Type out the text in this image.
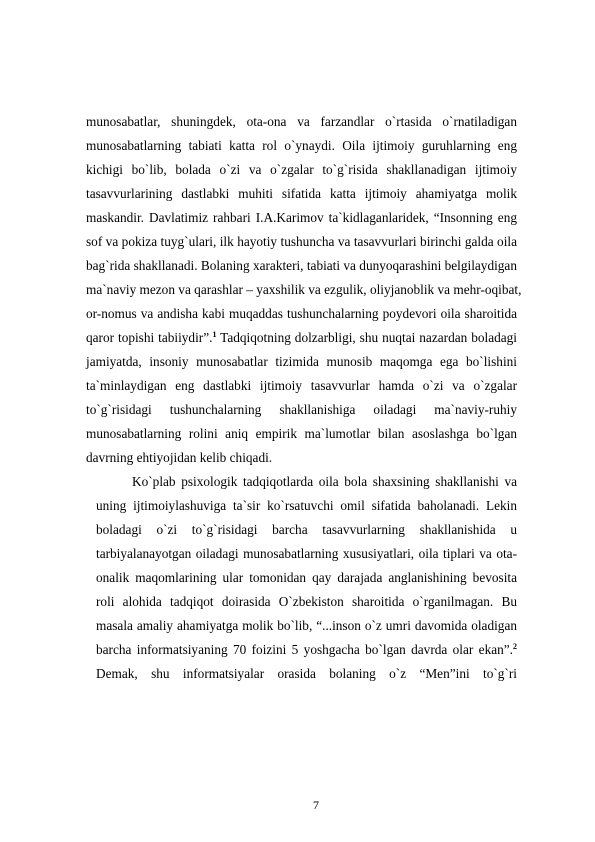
munosabatlar, shuningdek, ota-ona va farzandlar o`rtasida o`rnatiladigan
munosabatlarning tabiati katta rol o`ynaydi. Oila ijtimoiy guruhlarning eng
kichigi bo`lib, bolada o`zi va o`zgalar to`g`risida shakllanadigan ijtimoiy
tasavvurlarining dastlabki muhiti sifatida katta ijtimoiy ahamiyatga molik
maskandir. Davlatimiz rahbari I.A.Karimov ta`kidlaganlaridek, “Insonning eng
sof va pokiza tuyg`ulari, ilk hayotiy tushuncha va tasavvurlari birinchi galda oila
bag`rida shakllanadi. Bolaning xarakteri, tabiati va dunyoqarashini belgilaydigan
ma`naviy mezon va qarashlar – yaxshilik va ezgulik, oliyjanoblik va mehr-oqibat,
or-nomus va andisha kabi muqaddas tushunchalarning poydevori oila sharoitida
qaror topishi tabiiydir”.$^1$ Tadqiqotning dolzarbligi, shu nuqtai nazardan boladagi
jamiyatda, insoniy munosabatlar tizimida munosib maqomga ega bo`lishini
ta`minlaydigan eng dastlabki ijtimoiy tasavvurlar hamda o`zi va o`zgalar
to`g`risidagi tushunchalarning shakllanishiga oiladagi ma`naviy-ruhiy
munosabatlarning rolini aniq empirik ma`lumotlar bilan asoslashga bo`lgan
davrning ehtiyojidan kelib chiqadi.
Ko`plab psixologik tadqiqotlarda oila bola shaxsining shakllanishi va
uning ijtimoiylashuviga ta`sir ko`rsatuvchi omil sifatida baholanadi. Lekin
boladagi o`zi to`g`risidagi barcha tasavvurlarning shakllanishida u
tarbiyalanayotgan oiladagi munosabatlarning xususiyatlari, oila tiplari va ota-
onalik maqomlarining ular tomonidan qay darajada anglanishining bevosita
roli alohida tadqiqot doirasida O`zbekiston sharoitida o`rganilmagan. Bu
masala amaliy ahamiyatga molik bo`lib, “...inson o`z umri davomida oladigan
barcha informatsiyaning 70 foizini 5 yoshgacha bo`lgan davrda olar ekan”.$^2$
Demak, shu informatsiyalar orasida bolaning o`z “Men”ini to`g`ri
7
